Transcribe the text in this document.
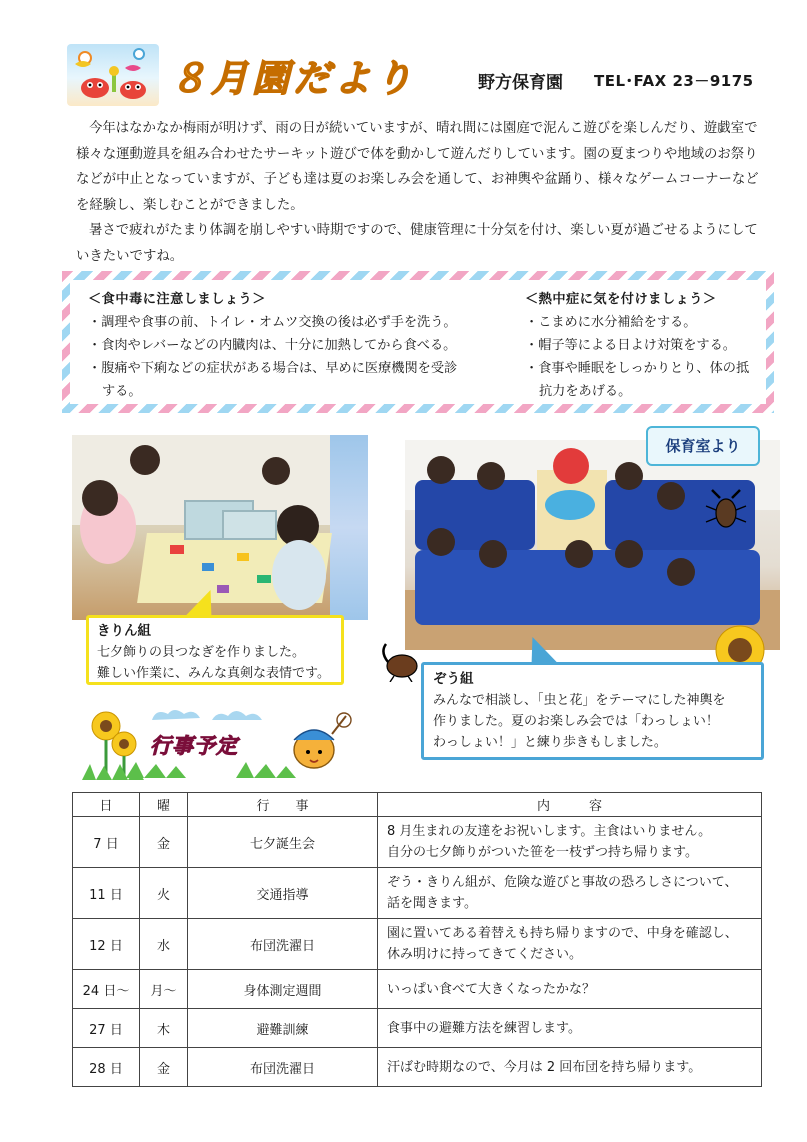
８月園だより	野方保育園 TEL･FAX 23－9175

今年はなかなか梅雨が明けず、雨の日が続いていますが、晴れ間には園庭で泥んこ遊びを楽しんだり、遊戯室で様々な運動遊具を組み合わせたサーキット遊びで体を動かして遊んだりしています。園の夏まつりや地域のお祭りなどが中止となっていますが、子ども達は夏のお楽しみ会を通して、お神輿や盆踊り、様々なゲームコーナーなどを経験し、楽しむことができました。

暑さで疲れがたまり体調を崩しやすい時期ですので、健康管理に十分気を付け、楽しい夏が過ごせるようにしていきたいですね。

＜食中毒に注意しましょう＞
・ 調理や食事の前、トイレ・オムツ交換の後は必ず手を洗う。
・ 食肉やレバーなどの内臓肉は、十分に加熱してから食べる。
・ 腹痛や下痢などの症状がある場合は、早めに医療機関を受診する。
＜熱中症に気を付けましょう＞
・ こまめに水分補給をする。
・ 帽子等による日よけ対策をする。
・ 食事や睡眠をしっかりとり、体の抵抗力をあげる。
保育室より
きりん組
七夕飾りの貝つなぎを作りました。
難しい作業に、みんな真剣な表情です。	ぞう組
みんなで相談し、「虫と花」をテーマにした神輿を
作りました。夏のお楽しみ会では「わっしょい！
わっしょい！」と練り歩きもしました。
行事予定
日	曜	行　　事	内　　　容
7 日	金	七夕誕生会	8 月生まれの友達をお祝いします。主食はいりません。
自分の七夕飾りがついた笹を一枝ずつ持ち帰ります。

11 日	火	交通指導	ぞう・きりん組が、危険な遊びと事故の恐ろしさについて、
話を聞きます。

12 日	水	布団洗濯日	園に置いてある着替えも持ち帰りますので、中身を確認し、
休み明けに持ってきてください。

24 日～	月～	身体測定週間	いっぱい食べて大きくなったかな？
27 日	木	避難訓練	食事中の避難方法を練習します。
28 日	金	布団洗濯日	汗ばむ時期なので、今月は 2 回布団を持ち帰ります。
